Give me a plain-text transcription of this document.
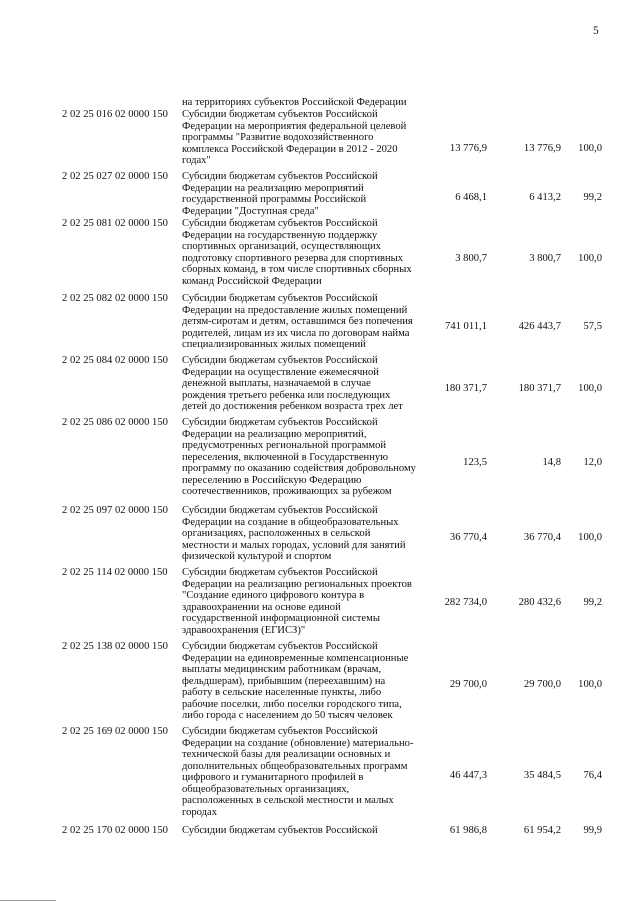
5
на территориях субъектов Российской Федерации
2 02 25 016 02 0000 150 Субсидии бюджетам субъектов Российской
Федерации на мероприятия федеральной целевой
программы "Развитие водохозяйственного
комплекса Российской Федерации в 2012 - 2020
годах"
13 776,9	13 776,9 100,0
2 02 25 027 02 0000 150 Субсидии бюджетам субъектов Российской
Федерации на реализацию мероприятий
государственной программы Российской
Федерации "Доступная среда"
6 468,1	6 413,2 99,2
2 02 25 081 02 0000 150 Субсидии бюджетам субъектов Российской
Федерации на государственную поддержку
спортивных организаций, осуществляющих
подготовку спортивного резерва для спортивных
сборных команд, в том числе спортивных сборных
команд Российской Федерации
3 800,7	3 800,7 100,0
2 02 25 082 02 0000 150 Субсидии бюджетам субъектов Российской
Федерации на предоставление жилых помещений
детям-сиротам и детям, оставшимся без попечения
родителей, лицам из их числа по договорам найма
специализированных жилых помещений
741 011,1	426 443,7 57,5
2 02 25 084 02 0000 150 Субсидии бюджетам субъектов Российской
Федерации на осуществление ежемесячной
денежной выплаты, назначаемой в случае
рождения третьего ребенка или последующих
детей до достижения ребенком возраста трех лет
180 371,7	180 371,7 100,0
2 02 25 086 02 0000 150 Субсидии бюджетам субъектов Российской
Федерации на реализацию мероприятий,
предусмотренных региональной программой
переселения, включенной в Государственную
программу по оказанию содействия добровольному
переселению в Российскую Федерацию
соотечественников, проживающих за рубежом
123,5	14,8 12,0
2 02 25 097 02 0000 150 Субсидии бюджетам субъектов Российской
Федерации на создание в общеобразовательных
организациях, расположенных в сельской
местности и малых городах, условий для занятий
физической культурой и спортом
36 770,4	36 770,4 100,0
2 02 25 114 02 0000 150 Субсидии бюджетам субъектов Российской
Федерации на реализацию региональных проектов
"Создание единого цифрового контура в
здравоохранении на основе единой
государственной информационной системы
здравоохранения (ЕГИСЗ)"
282 734,0	280 432,6 99,2
2 02 25 138 02 0000 150 Субсидии бюджетам субъектов Российской
Федерации на единовременные компенсационные
выплаты медицинским работникам (врачам,
фельдшерам), прибывшим (переехавшим) на
работу в сельские населенные пункты, либо
рабочие поселки, либо поселки городского типа,
либо города с населением до 50 тысяч человек
29 700,0	29 700,0 100,0
2 02 25 169 02 0000 150 Субсидии бюджетам субъектов Российской
Федерации на создание (обновление) материально-
технической базы для реализации основных и
дополнительных общеобразовательных программ
цифрового и гуманитарного профилей в
общеобразовательных организациях,
расположенных в сельской местности и малых
городах
46 447,3	35 484,5 76,4
2 02 25 170 02 0000 150 Субсидии бюджетам субъектов Российской	61 986,8	61 954,2 99,9
